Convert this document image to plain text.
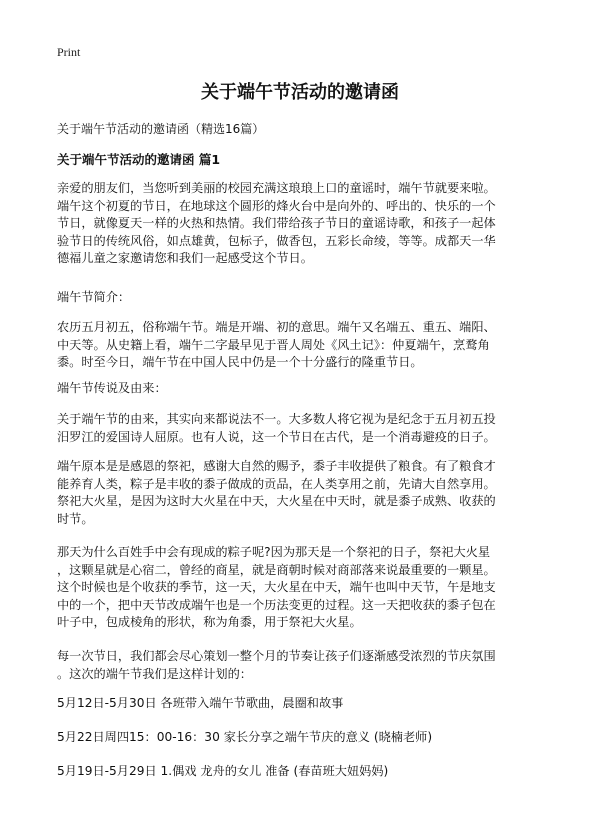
Print
关于端午节活动的邀请函
关于端午节活动的邀请函（精选16篇）
关于端午节活动的邀请函 篇1
亲爱的朋友们，当您听到美丽的校园充满这琅琅上口的童谣时，端午节就要来啦。
端午这个初夏的节日，在地球这个圆形的烽火台中是向外的、呼出的、快乐的一个
节日，就像夏天一样的火热和热情。我们带给孩子节日的童谣诗歌，和孩子一起体
验节日的传统风俗，如点雄黄，包标子，做香包，五彩长命绫，等等。成都天一华
德福儿童之家邀请您和我们一起感受这个节日。
端午节简介：
农历五月初五，俗称端午节。端是开端、初的意思。端午又名端五、重五、端阳、
中天等。从史籍上看，端午二字最早见于晋人周处《风土记》：仲夏端午，烹鹜角
黍。时至今日，端午节在中国人民中仍是一个十分盛行的隆重节日。
端午节传说及由来：
关于端午节的由来，其实向来都说法不一。大多数人将它视为是纪念于五月初五投
汨罗江的爱国诗人屈原。也有人说，这一个节日在古代，是一个消毒避疫的日子。
端午原本是是感恩的祭祀，感谢大自然的赐予，黍子丰收提供了粮食。有了粮食才
能养育人类，粽子是丰收的黍子做成的贡品，在人类享用之前，先请大自然享用。
祭祀大火星，是因为这时大火星在中天，大火星在中天时，就是黍子成熟、收获的
时节。
那天为什么百姓手中会有现成的粽子呢?因为那天是一个祭祀的日子，祭祀大火星
，这颗星就是心宿二，曾经的商星，就是商朝时候对商部落来说最重要的一颗星。
这个时候也是个收获的季节，这一天，大火星在中天，端午也叫中天节，午是地支
中的一个，把中天节改成端午也是一个历法变更的过程。这一天把收获的黍子包在
叶子中，包成棱角的形状，称为角黍，用于祭祀大火星。
每一次节日，我们都会尽心策划一整个月的节奏让孩子们逐渐感受浓烈的节庆氛围
。这次的端午节我们是这样计划的：
5月12日-5月30日 各班带入端午节歌曲，晨圈和故事
5月22日周四15：00-16：30 家长分享之端午节庆的意义 (晓楠老师)
5月19日-5月29日 1.偶戏 龙舟的女儿 准备 (春苗班大妞妈妈)
